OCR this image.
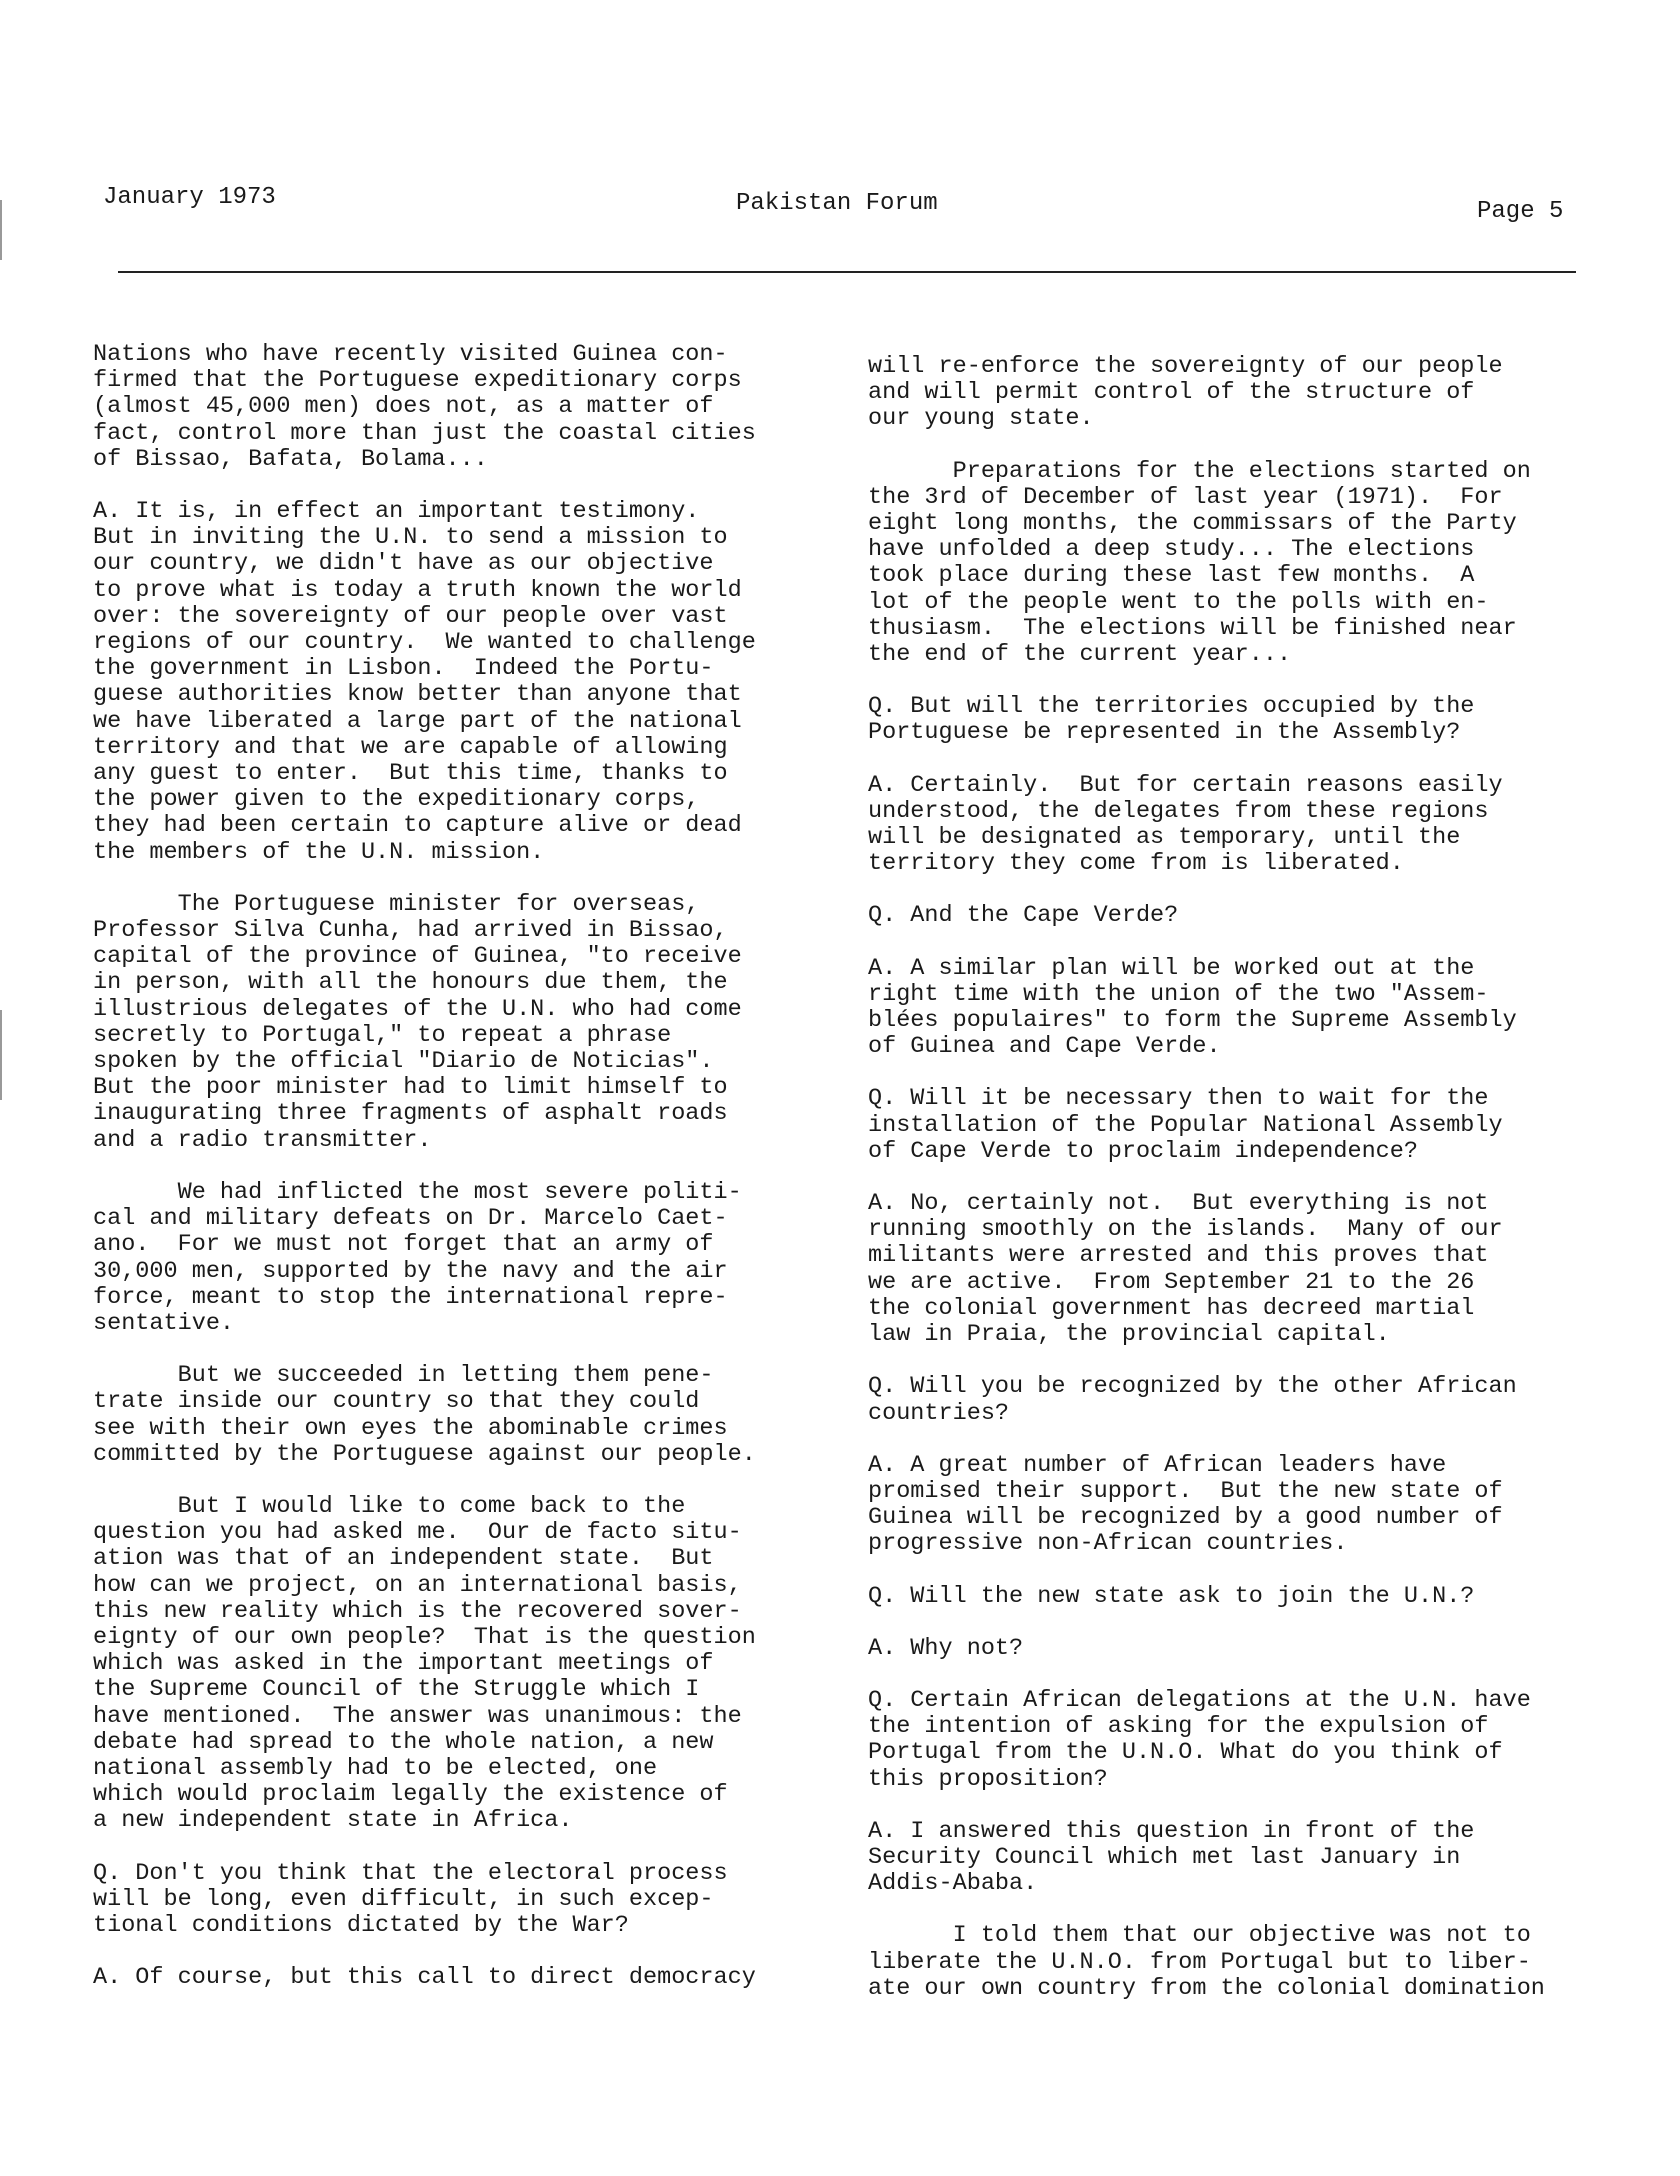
January 1973	Pakistan Forum	Page 5

Nations who have recently visited Guinea con-
firmed that the Portuguese expeditionary corps
(almost 45,000 men) does not, as a matter of
fact, control more than just the coastal cities
of Bissao, Bafata, Bolama...

A. It is, in effect an important testimony.
But in inviting the U.N. to send a mission to
our country, we didn't have as our objective
to prove what is today a truth known the world
over: the sovereignty of our people over vast
regions of our country.  We wanted to challenge
the government in Lisbon.  Indeed the Portu-
guese authorities know better than anyone that
we have liberated a large part of the national
territory and that we are capable of allowing
any guest to enter.  But this time, thanks to
the power given to the expeditionary corps,
they had been certain to capture alive or dead
the members of the U.N. mission.

The Portuguese minister for overseas,
Professor Silva Cunha, had arrived in Bissao,
capital of the province of Guinea, "to receive
in person, with all the honours due them, the
illustrious delegates of the U.N. who had come
secretly to Portugal," to repeat a phrase
spoken by the official "Diario de Noticias".
But the poor minister had to limit himself to
inaugurating three fragments of asphalt roads
and a radio transmitter.

We had inflicted the most severe politi-
cal and military defeats on Dr. Marcelo Caet-
ano.  For we must not forget that an army of
30,000 men, supported by the navy and the air
force, meant to stop the international repre-
sentative.

But we succeeded in letting them pene-
trate inside our country so that they could
see with their own eyes the abominable crimes
committed by the Portuguese against our people.

But I would like to come back to the
question you had asked me.  Our de facto situ-
ation was that of an independent state.  But
how can we project, on an international basis,
this new reality which is the recovered sover-
eignty of our own people?  That is the question
which was asked in the important meetings of
the Supreme Council of the Struggle which I
have mentioned.  The answer was unanimous: the
debate had spread to the whole nation, a new
national assembly had to be elected, one
which would proclaim legally the existence of
a new independent state in Africa.

Q. Don't you think that the electoral process
will be long, even difficult, in such excep-
tional conditions dictated by the War?

A. Of course, but this call to direct democracy

will re-enforce the sovereignty of our people
and will permit control of the structure of
our young state.

Preparations for the elections started on
the 3rd of December of last year (1971).  For
eight long months, the commissars of the Party
have unfolded a deep study... The elections
took place during these last few months.  A
lot of the people went to the polls with en-
thusiasm.  The elections will be finished near
the end of the current year...

Q. But will the territories occupied by the
Portuguese be represented in the Assembly?

A. Certainly.  But for certain reasons easily
understood, the delegates from these regions
will be designated as temporary, until the
territory they come from is liberated.

Q. And the Cape Verde?

A. A similar plan will be worked out at the
right time with the union of the two "Assem-
blées populaires" to form the Supreme Assembly
of Guinea and Cape Verde.

Q. Will it be necessary then to wait for the
installation of the Popular National Assembly
of Cape Verde to proclaim independence?

A. No, certainly not.  But everything is not
running smoothly on the islands.  Many of our
militants were arrested and this proves that
we are active.  From September 21 to the 26
the colonial government has decreed martial
law in Praia, the provincial capital.

Q. Will you be recognized by the other African
countries?

A. A great number of African leaders have
promised their support.  But the new state of
Guinea will be recognized by a good number of
progressive non-African countries.

Q. Will the new state ask to join the U.N.?

A. Why not?

Q. Certain African delegations at the U.N. have
the intention of asking for the expulsion of
Portugal from the U.N.O. What do you think of
this proposition?

A. I answered this question in front of the
Security Council which met last January in
Addis-Ababa.

I told them that our objective was not to
liberate the U.N.O. from Portugal but to liber-
ate our own country from the colonial domination
